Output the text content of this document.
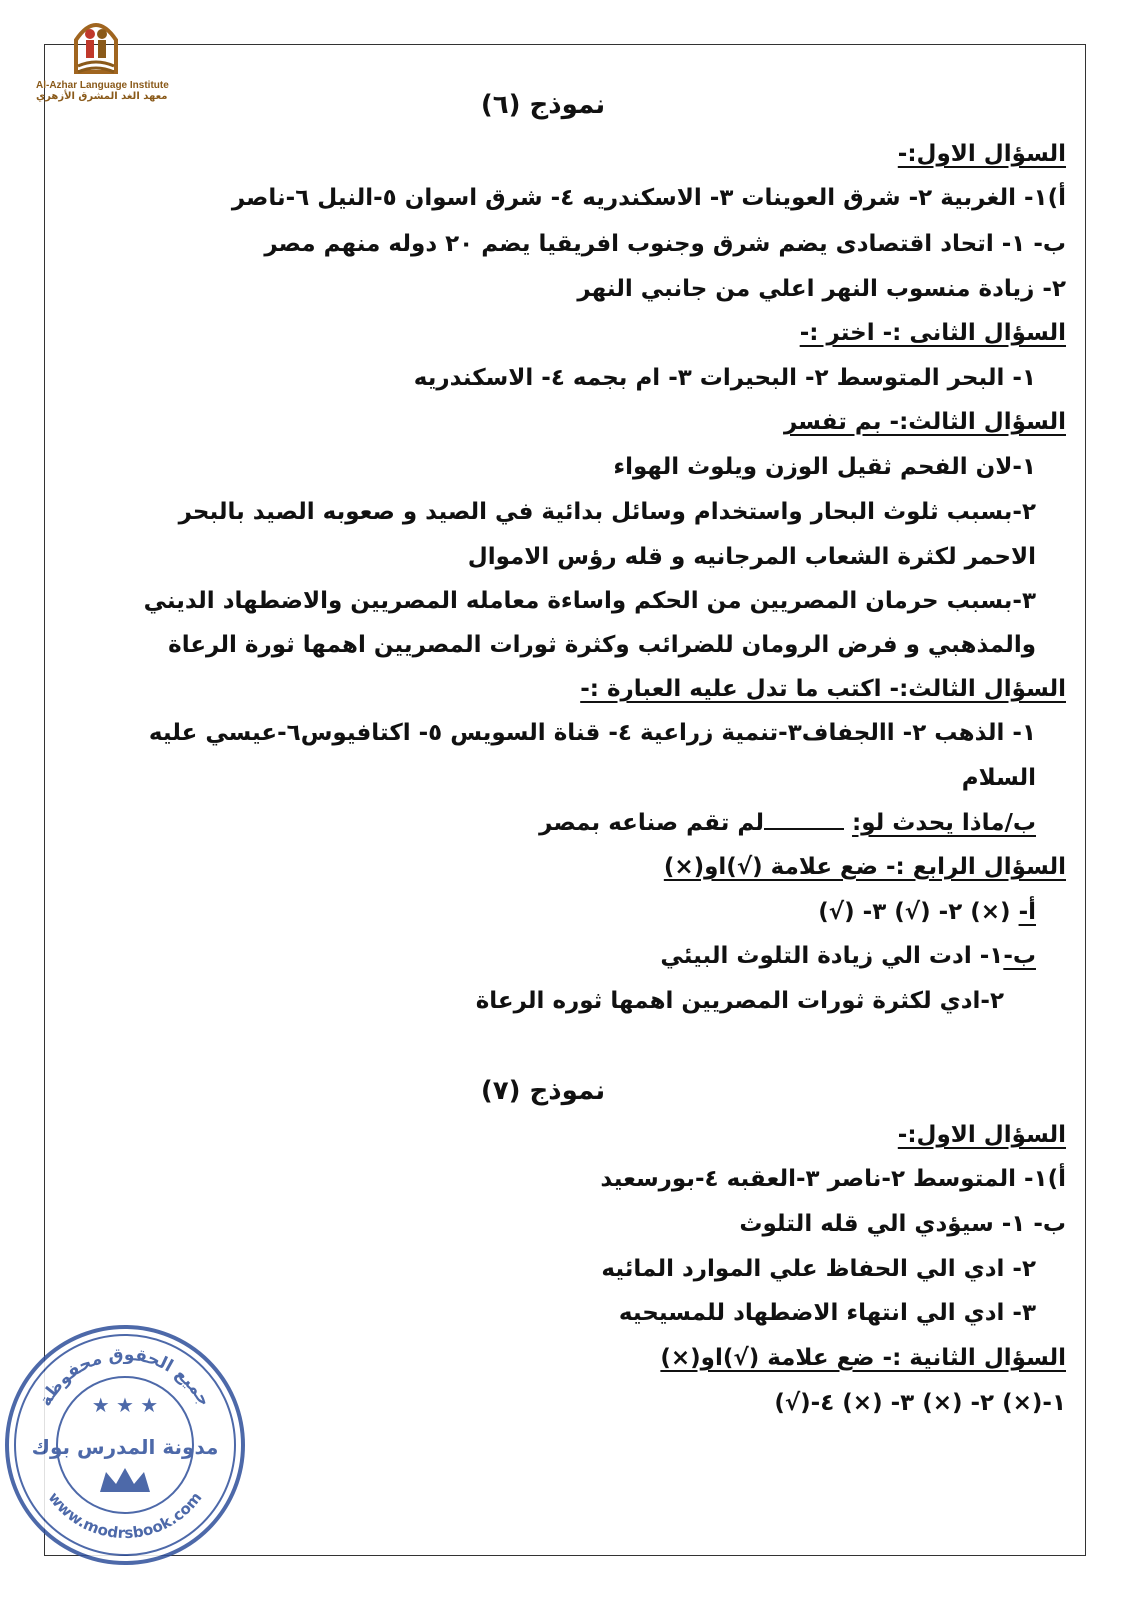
Al-Azhar Language Institute
معهد الغد المشرق الأزهري	نموذج (٦)
السؤال الاول:-
أ)١- الغربية ٢- شرق العوينات ٣- الاسكندريه ٤- شرق اسوان ٥-النيل ٦-ناصر
ب- ١- اتحاد اقتصادى يضم شرق وجنوب افريقيا يضم ٢٠ دوله منهم مصر
٢- زيادة منسوب النهر اعلي من جانبي النهر
السؤال الثانى :- اختر :-
١- البحر المتوسط ٢- البحيرات ٣- ام بجمه ٤- الاسكندريه
السؤال الثالث:- بم تفسر
١-لان الفحم ثقيل الوزن ويلوث الهواء
٢-بسبب ثلوث البحار واستخدام وسائل بدائية في الصيد و صعوبه الصيد بالبحر
الاحمر لكثرة الشعاب المرجانيه و قله رؤس الاموال
٣-بسبب حرمان المصريين من الحكم واساءة معامله المصريين والاضطهاد الديني
والمذهبي و فرض الرومان للضرائب وكثرة ثورات المصريين اهمها ثورة الرعاة
السؤال الثالث:- اكتب ما تدل عليه العبارة :-
١- الذهب ٢- االجفاف٣-تنمية زراعية ٤- قناة السويس ٥- اكتافيوس٦-عيسي عليه
السلام
ب/ماذا يحدث لو: لم تقم صناعه بمصر
السؤال الرابع :- ضع علامة (√)او(×)
أ- (×) ٢- (√) ٣- (√)
ب-١- ادت الي زيادة التلوث البيئي
٢-ادي لكثرة ثورات المصريين اهمها ثوره الرعاة
نموذج (٧)
السؤال الاول:-
أ)١- المتوسط ٢-ناصر ٣-العقبه ٤-بورسعيد
ب- ١- سيؤدي الي قله التلوث
٢- ادي الي الحفاظ علي الموارد المائيه
٣- ادي الي انتهاء الاضطهاد للمسيحيه
السؤال الثانية :- ضع علامة (√)او(×)
١-(×) ٢- (×) ٣- (×) ٤-(√)
جميع الحقوق محفوظة
www.modrsbook.com
★ ★ ★
مدونة المدرس بوك
